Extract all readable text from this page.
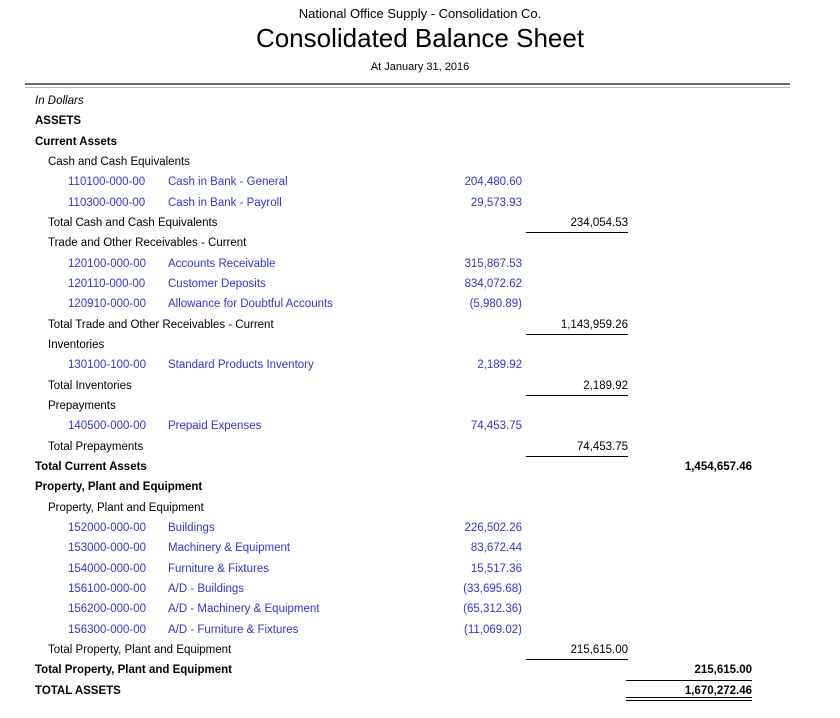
National Office Supply - Consolidation Co.
Consolidated Balance Sheet
At January 31, 2016
In Dollars
ASSETS
Current Assets
Cash and Cash Equivalents
110100-000-00 Cash in Bank - General	204,480.60
110300-000-00 Cash in Bank - Payroll	29,573.93
Total Cash and Cash Equivalents	234,054.53
Trade and Other Receivables - Current
120100-000-00 Accounts Receivable	315,867.53
120110-000-00 Customer Deposits	834,072.62
120910-000-00 Allowance for Doubtful Accounts	(5,980.89)
Total Trade and Other Receivables - Current	1,143,959.26
Inventories
130100-100-00 Standard Products Inventory	2,189.92
Total Inventories	2,189.92
Prepayments
140500-000-00 Prepaid Expenses	74,453.75
Total Prepayments	74,453.75
Total Current Assets	1,454,657.46
Property, Plant and Equipment
Property, Plant and Equipment
152000-000-00 Buildings	226,502.26
153000-000-00 Machinery & Equipment	83,672.44
154000-000-00 Furniture & Fixtures	15,517.36
156100-000-00 A/D - Buildings	(33,695.68)
156200-000-00 A/D - Machinery & Equipment	(65,312.36)
156300-000-00 A/D - Furniture & Fixtures	(11,069.02)
Total Property, Plant and Equipment	215,615.00
Total Property, Plant and Equipment	215,615.00
TOTAL ASSETS	1,670,272.46
